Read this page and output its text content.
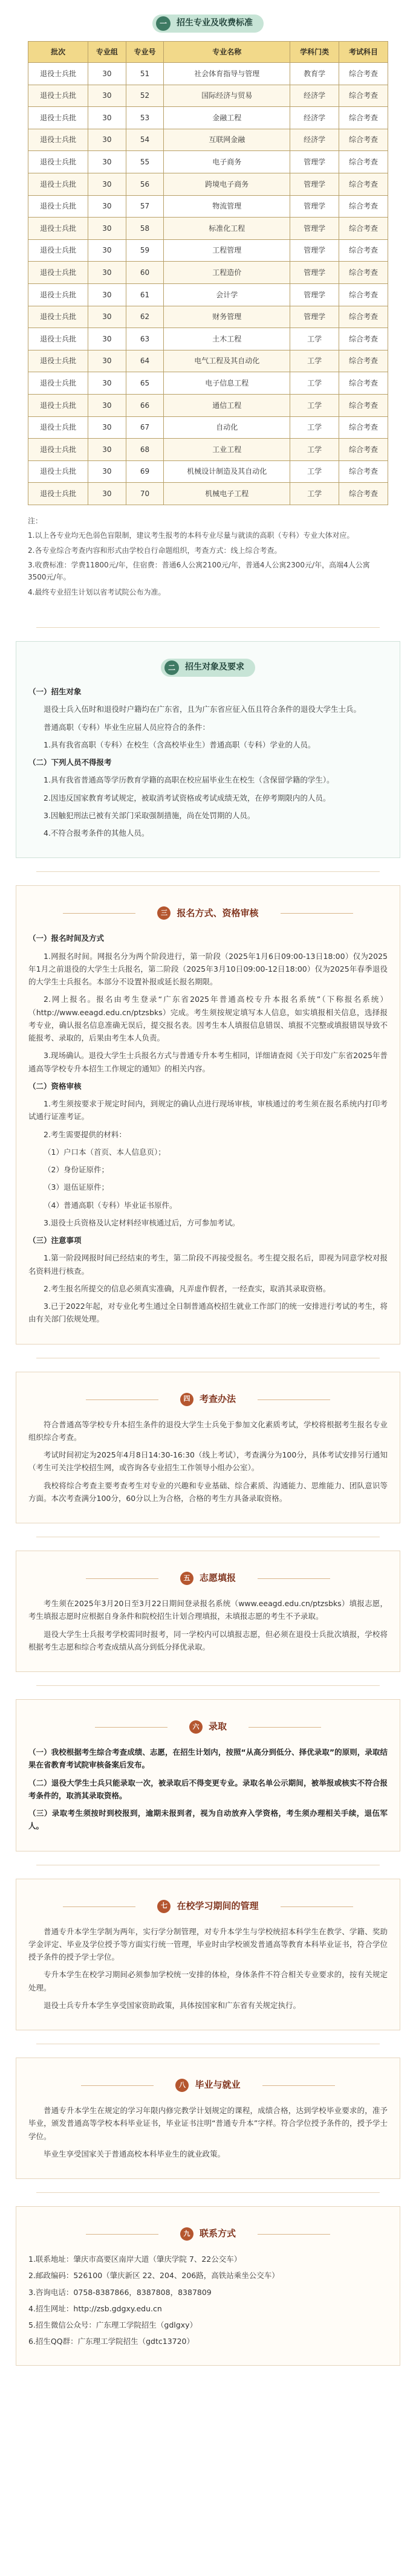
一	招生专业及收费标准
批次	专业组	专业号	专业名称	学科门类	考试科目
退役士兵批	30	51	社会体育指导与管理	教育学	综合考查
退役士兵批	30	52	国际经济与贸易	经济学	综合考查
退役士兵批	30	53	金融工程	经济学	综合考查
退役士兵批	30	54	互联网金融	经济学	综合考查
退役士兵批	30	55	电子商务	管理学	综合考查
退役士兵批	30	56	跨境电子商务	管理学	综合考查
退役士兵批	30	57	物流管理	管理学	综合考查
退役士兵批	30	58	标准化工程	管理学	综合考查
退役士兵批	30	59	工程管理	管理学	综合考查
退役士兵批	30	60	工程造价	管理学	综合考查
退役士兵批	30	61	会计学	管理学	综合考查
退役士兵批	30	62	财务管理	管理学	综合考查
退役士兵批	30	63	土木工程	工学	综合考查
退役士兵批	30	64	电气工程及其自动化	工学	综合考查
退役士兵批	30	65	电子信息工程	工学	综合考查
退役士兵批	30	66	通信工程	工学	综合考查
退役士兵批	30	67	自动化	工学	综合考查
退役士兵批	30	68	工业工程	工学	综合考查
退役士兵批	30	69	机械设计制造及其自动化	工学	综合考查
退役士兵批	30	70	机械电子工程	工学	综合考查

注：

1.以上各专业均无色弱色盲限制，建议考生报考的本科专业尽量与就读的高职（专科）专业大体对应。

2.各专业综合考查内容和形式由学校自行命题组织，考查方式：线上综合考查。

3.收费标准：学费11800元/年，住宿费：普通6人公寓2100元/年，普通4人公寓2300元/年，高端4人公寓3500元/年。

4.最终专业招生计划以省考试院公布为准。

二	招生对象及要求

（一）招生对象

退役士兵入伍时和退役时户籍均在广东省，且为广东省应征入伍且符合条件的退役大学生士兵。

普通高职（专科）毕业生应届人员应符合的条件：

1.具有我省高职（专科）在校生（含高校毕业生）普通高职（专科）学业的人员。

（二）下列人员不得报考

1.具有我省普通高等学历教育学籍的高职在校应届毕业生在校生（含保留学籍的学生）。

2.因违反国家教育考试规定，被取消考试资格或考试成绩无效，在停考期限内的人员。

3.因触犯刑法已被有关部门采取强制措施，尚在处罚期的人员。

4.不符合报考条件的其他人员。

三	报名方式、资格审核

（一）报名时间及方式

1.网报名时间。网报名分为两个阶段进行，第一阶段（2025年1月6日09:00-13日18:00）仅为2025年1月之前退役的大学生士兵报名，第二阶段（2025年3月10日09:00-12日18:00）仅为2025年春季退役的大学生士兵报名。本部分不设置补报或延长报名期限。

2.网上报名。报名由考生登录“广东省2025年普通高校专升本报名系统”（下称报名系统）（http://www.eeagd.edu.cn/ptzsbks）完成。考生须按规定填写本人信息，如实填报相关信息，选择报考专业，确认报名信息准确无误后，提交报名表。因考生本人填报信息错误、填报不完整或填报错误导致不能报考、录取的，后果由考生本人负责。

3.现场确认。退役大学生士兵报名方式与普通专升本考生相同，详细请查阅《关于印发广东省2025年普通高等学校专升本招生工作规定的通知》的相关内容。

（二）资格审核

1.考生须按要求于规定时间内，到规定的确认点进行现场审核，审核通过的考生须在报名系统内打印考试通行证准考证。

2.考生需要提供的材料：

（1）户口本（首页、本人信息页）；

（2）身份证原件；

（3）退伍证原件；

（4）普通高职（专科）毕业证书原件。

3.退役士兵资格及认定材料经审核通过后，方可参加考试。

（三）注意事项

1.第一阶段网报时间已经结束的考生，第二阶段不再接受报名。考生提交报名后，即视为同意学校对报名资料进行核查。

2.考生报名所提交的信息必须真实准确，凡弄虚作假者，一经查实，取消其录取资格。

3.已于2022年起，对专业化考生通过全日制普通高校招生就业工作部门的统一安排进行考试的考生，将由有关部门依规处理。

四	考查办法

符合普通高等学校专升本招生条件的退役大学生士兵免于参加文化素质考试，学校将根据考生报名专业组织综合考查。

考试时间初定为2025年4月8日14:30-16:30（线上考试），考查满分为100分，具体考试安排另行通知（考生可关注学校招生网，或咨询各专业招生工作领导小组办公室）。

我校将综合考查主要考查考生对专业的兴趣和专业基础、综合素质、沟通能力、思维能力、团队意识等方面。本次考查满分100分，60分以上为合格，合格的考生方具备录取资格。

五	志愿填报

考生须在2025年3月20日至3月22日期间登录报名系统（www.eeagd.edu.cn/ptzsbks）填报志愿，考生填报志愿时应根据自身条件和院校招生计划合理填报，未填报志愿的考生不予录取。

退役大学生士兵报考学校需同时报考，同一学校内可以填报志愿，但必须在退役士兵批次填报，学校将根据考生志愿和综合考查成绩从高分到低分择优录取。

六	录取

（一）我校根据考生综合考查成绩、志愿，在招生计划内，按照“从高分到低分、择优录取”的原则，录取结果在省教育考试院审核备案后发布。

（二）退役大学生士兵只能录取一次，被录取后不得变更专业。录取名单公示期间，被举报或核实不符合报考条件的，取消其录取资格。

（三）录取考生须按时到校报到，逾期未报到者，视为自动放弃入学资格，考生须办理相关手续，退伍军人。

七	在校学习期间的管理

普通专升本学生学制为两年，实行学分制管理，对专升本学生与学校统招本科学生在教学、学籍、奖助学金评定、毕业及学位授予等方面实行统一管理，毕业时由学校颁发普通高等教育本科毕业证书，符合学位授予条件的授予学士学位。

专升本学生在校学习期间必须参加学校统一安排的体检，身体条件不符合相关专业要求的，按有关规定处理。

退役士兵专升本学生享受国家资助政策，具体按国家和广东省有关规定执行。

八	毕业与就业

普通专升本学生在规定的学习年限内修完教学计划规定的课程，成绩合格，达到学校毕业要求的，准予毕业，颁发普通高等学校本科毕业证书，毕业证书注明“普通专升本”字样。符合学位授予条件的，授予学士学位。

毕业生享受国家关于普通高校本科毕业生的就业政策。

九	联系方式
1.联系地址：肇庆市高要区南岸大道（肇庆学院 7、22公交车）
2.邮政编码：526100（肇庆新区 22、204、206路，高铁站乘坐公交车）
3.咨询电话：0758-8387866，8387808，8387809
4.招生网址：http://zsb.gdgxy.edu.cn
5.招生微信公众号：广东理工学院招生（gdlgxy）
6.招生QQ群：广东理工学院招生（gdtc13720）
